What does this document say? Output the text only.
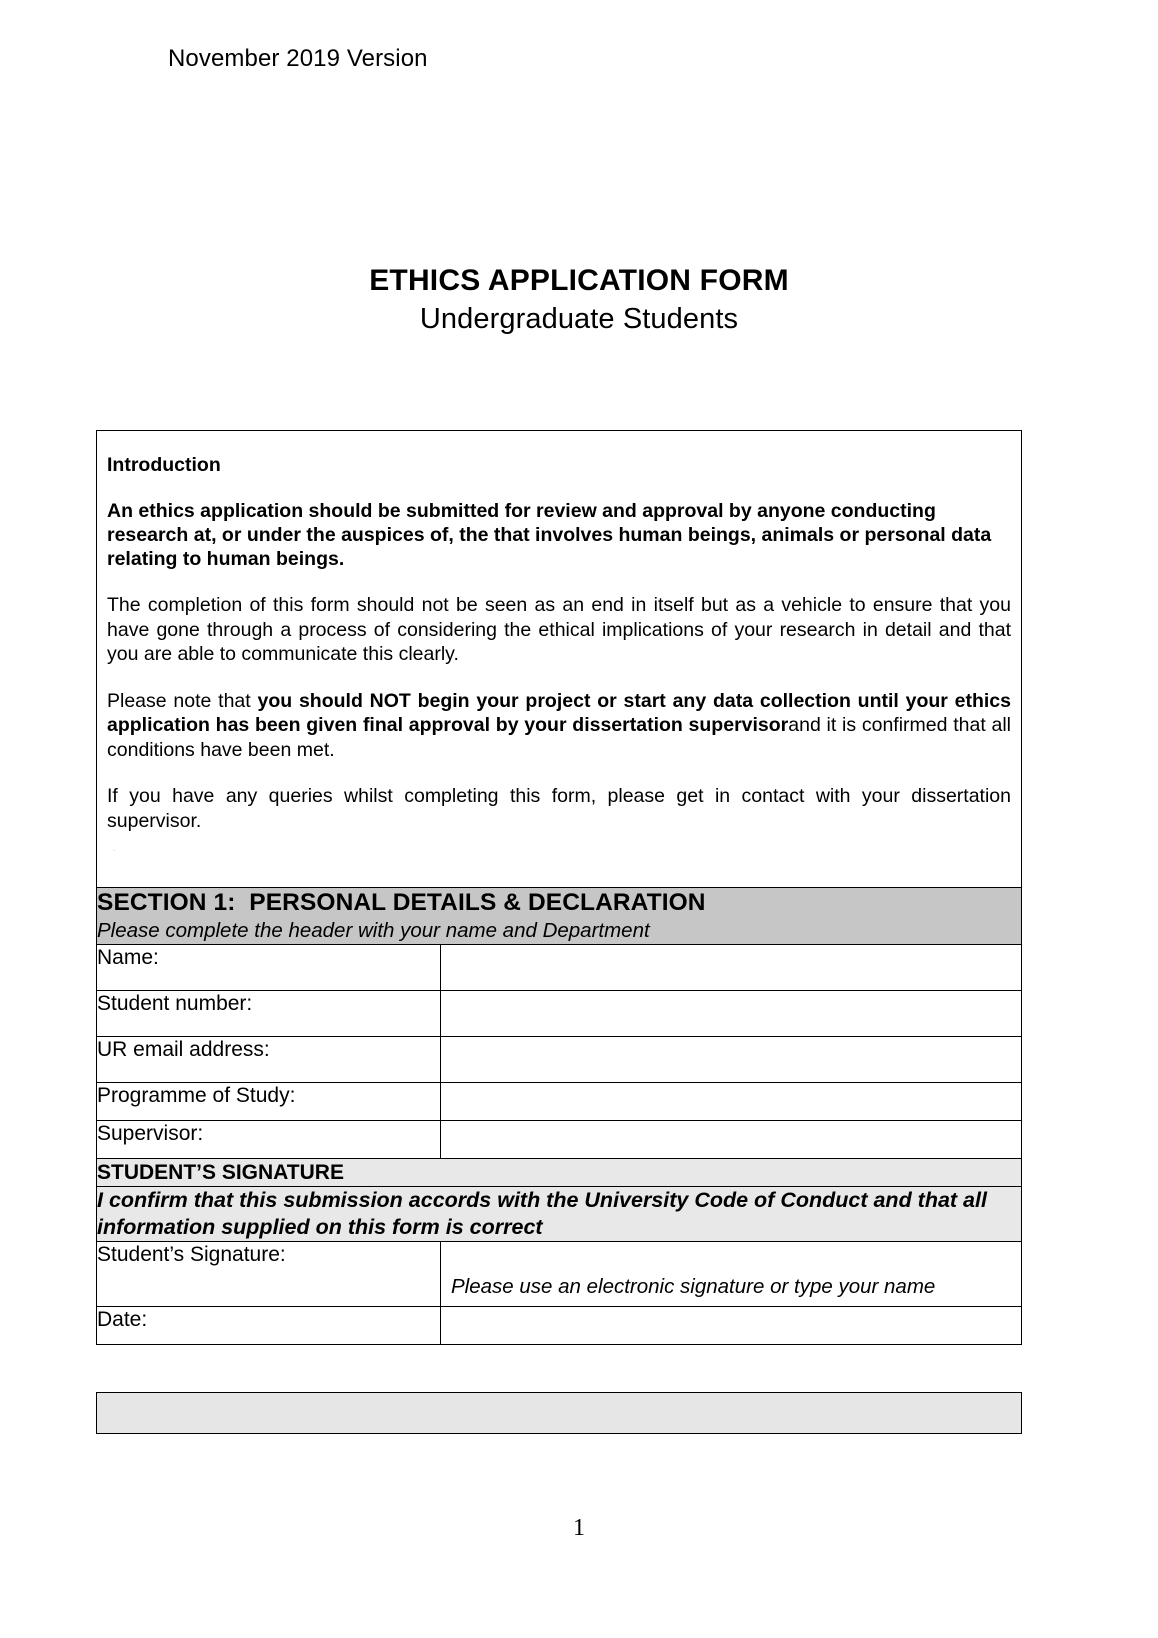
November 2019 Version
ETHICS APPLICATION FORM
Undergraduate Students

Introduction

An ethics application should be submitted for review and approval by anyone conducting research at, or under the auspices of, the that involves human beings, animals or personal data relating to human beings.

The completion of this form should not be seen as an end in itself but as a vehicle to ensure that you have gone through a process of considering the ethical implications of your research in detail and that you are able to communicate this clearly.

Please note that you should NOT begin your project or start any data collection until your ethics application has been given final approval by your dissertation supervisorand it is confirmed that all conditions have been met.

If you have any queries whilst completing this form, please get in contact with your dissertation supervisor.

.
SECTION 1:  PERSONAL DETAILS & DECLARATION
Please complete the header with your name and Department	

Name:	
Student number:	
UR email address:	
Programme of Study:	
Supervisor:	

STUDENT’S SIGNATURE	

I confirm that this submission accords with the University Code of Conduct and that all information supplied on this form is correct	

Student’s Signature:	Please use an electronic signature or type your name

Date:	
1
